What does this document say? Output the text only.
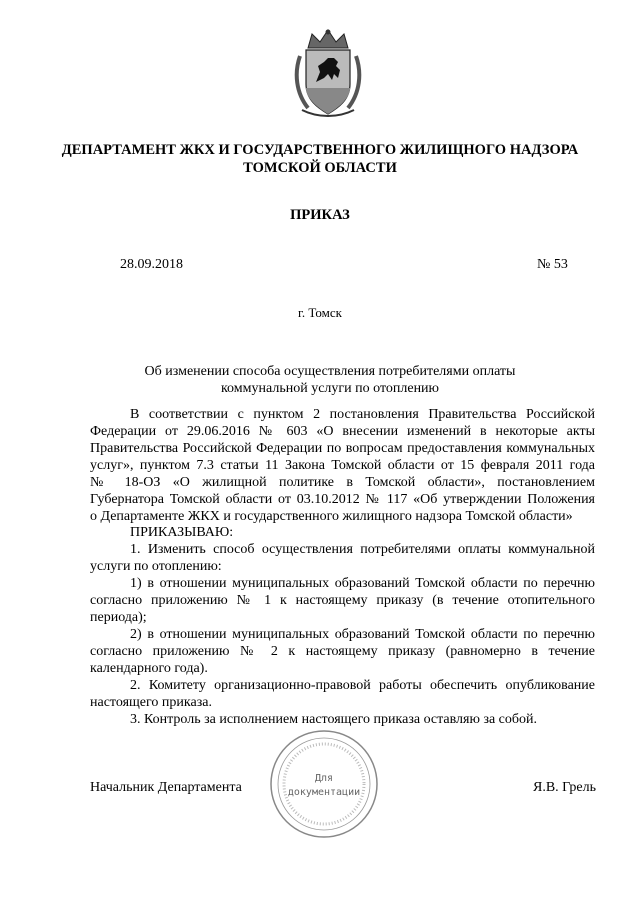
ДЕПАРТАМЕНТ ЖКХ И ГОСУДАРСТВЕННОГО ЖИЛИЩНОГО НАДЗОРА
ТОМСКОЙ ОБЛАСТИ
ПРИКАЗ
28.09.2018	№ 53
г. Томск
Об изменении способа осуществления потребителями оплаты
коммунальной услуги по отоплению
В соответствии с пунктом 2 постановления Правительства Российской
Федерации от 29.06.2016 № 603 «О внесении изменений в некоторые акты
Правительства Российской Федерации по вопросам предоставления коммунальных
услуг», пунктом 7.3 статьи 11 Закона Томской области от 15 февраля 2011 года
№ 18-ОЗ «О жилищной политике в Томской области», постановлением
Губернатора Томской области от 03.10.2012 № 117 «Об утверждении Положения
о Департаменте ЖКХ и государственного жилищного надзора Томской области»
ПРИКАЗЫВАЮ:
1. Изменить способ осуществления потребителями оплаты коммунальной
услуги по отоплению:
1) в отношении муниципальных образований Томской области по перечню
согласно приложению № 1 к настоящему приказу (в течение отопительного
периода);
2) в отношении муниципальных образований Томской области по перечню
согласно приложению № 2 к настоящему приказу (равномерно в течение
календарного года).
2. Комитету организационно-правовой работы обеспечить опубликование
настоящего приказа.
3. Контроль за исполнением настоящего приказа оставляю за собой.
Для
документации
Начальник Департамента	Я.В. Грель
